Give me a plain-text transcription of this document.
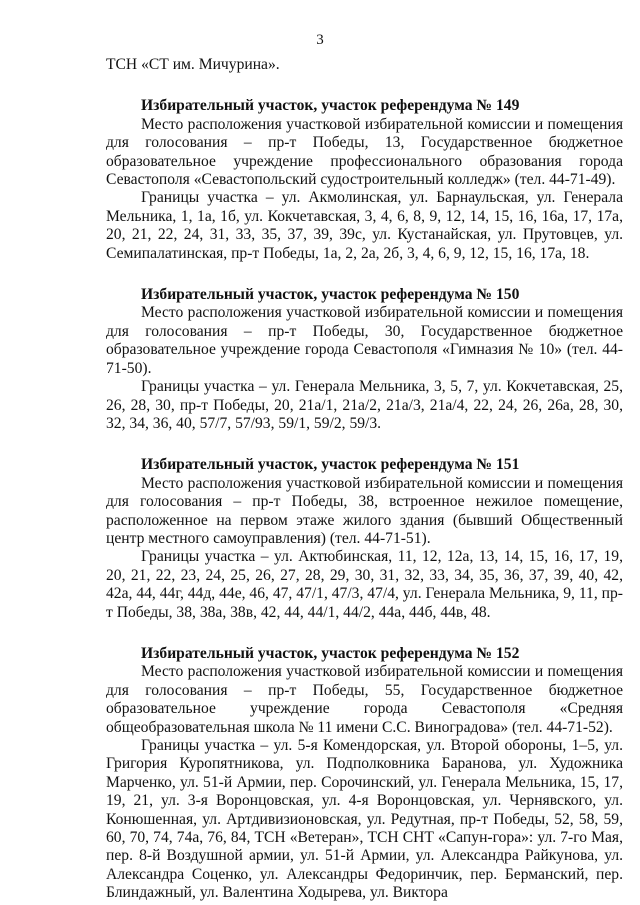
3

ТСН «СТ им. Мичурина».

Избирательный участок, участок референдума № 149

Место расположения участковой избирательной комиссии и помещения для голосования – пр-т Победы, 13, Государственное бюджетное образовательное учреждение профессионального образования города Севастополя «Севастопольский судостроительный колледж» (тел. 44-71-49).

Границы участка – ул. Акмолинская, ул. Барнаульская, ул. Генерала Мельника, 1, 1а, 1б, ул. Кокчетавская, 3, 4, 6, 8, 9, 12, 14, 15, 16, 16а, 17, 17а, 20, 21, 22, 24, 31, 33, 35, 37, 39, 39с, ул. Кустанайская, ул. Прутовцев, ул. Семипалатинская, пр-т Победы, 1а, 2, 2а, 2б, 3, 4, 6, 9, 12, 15, 16, 17а, 18.

Избирательный участок, участок референдума № 150

Место расположения участковой избирательной комиссии и помещения для голосования – пр-т Победы, 30, Государственное бюджетное образовательное учреждение города Севастополя «Гимназия № 10» (тел. 44-71-50).

Границы участка – ул. Генерала Мельника, 3, 5, 7, ул. Кокчетавская, 25, 26, 28, 30, пр-т Победы, 20, 21а/1, 21а/2, 21а/3, 21а/4, 22, 24, 26, 26а, 28, 30, 32, 34, 36, 40, 57/7, 57/93, 59/1, 59/2, 59/3.

Избирательный участок, участок референдума № 151

Место расположения участковой избирательной комиссии и помещения для голосования – пр-т Победы, 38, встроенное нежилое помещение, расположенное на первом этаже жилого здания (бывший Общественный центр местного самоуправления) (тел. 44-71-51).

Границы участка – ул. Актюбинская, 11, 12, 12а, 13, 14, 15, 16, 17, 19, 20, 21, 22, 23, 24, 25, 26, 27, 28, 29, 30, 31, 32, 33, 34, 35, 36, 37, 39, 40, 42, 42а, 44, 44г, 44д, 44е, 46, 47, 47/1, 47/3, 47/4, ул. Генерала Мельника, 9, 11, пр-т Победы, 38, 38а, 38в, 42, 44, 44/1, 44/2, 44а, 44б, 44в, 48.

Избирательный участок, участок референдума № 152

Место расположения участковой избирательной комиссии и помещения для голосования – пр-т Победы, 55, Государственное бюджетное образовательное учреждение города Севастополя «Средняя общеобразовательная школа № 11 имени С.С. Виноградова» (тел. 44-71-52).

Границы участка – ул. 5-я Комендорская, ул. Второй обороны, 1–5, ул. Григория Куропятникова, ул. Подполковника Баранова, ул. Художника Марченко, ул. 51-й Армии, пер. Сорочинский, ул. Генерала Мельника, 15, 17, 19, 21, ул. 3-я Воронцовская, ул. 4-я Воронцовская, ул. Чернявского, ул. Конюшенная, ул. Артдивизионовская, ул. Редутная, пр-т Победы, 52, 58, 59, 60, 70, 74, 74а, 76, 84, ТСН «Ветеран», ТСН СНТ «Сапун-гора»: ул. 7-го Мая, пер. 8-й Воздушной армии, ул. 51-й Армии, ул. Александра Райкунова, ул. Александра Соценко, ул. Александры Федоринчик, пер. Берманский, пер. Блиндажный, ул. Валентина Ходырева, ул. Виктора
